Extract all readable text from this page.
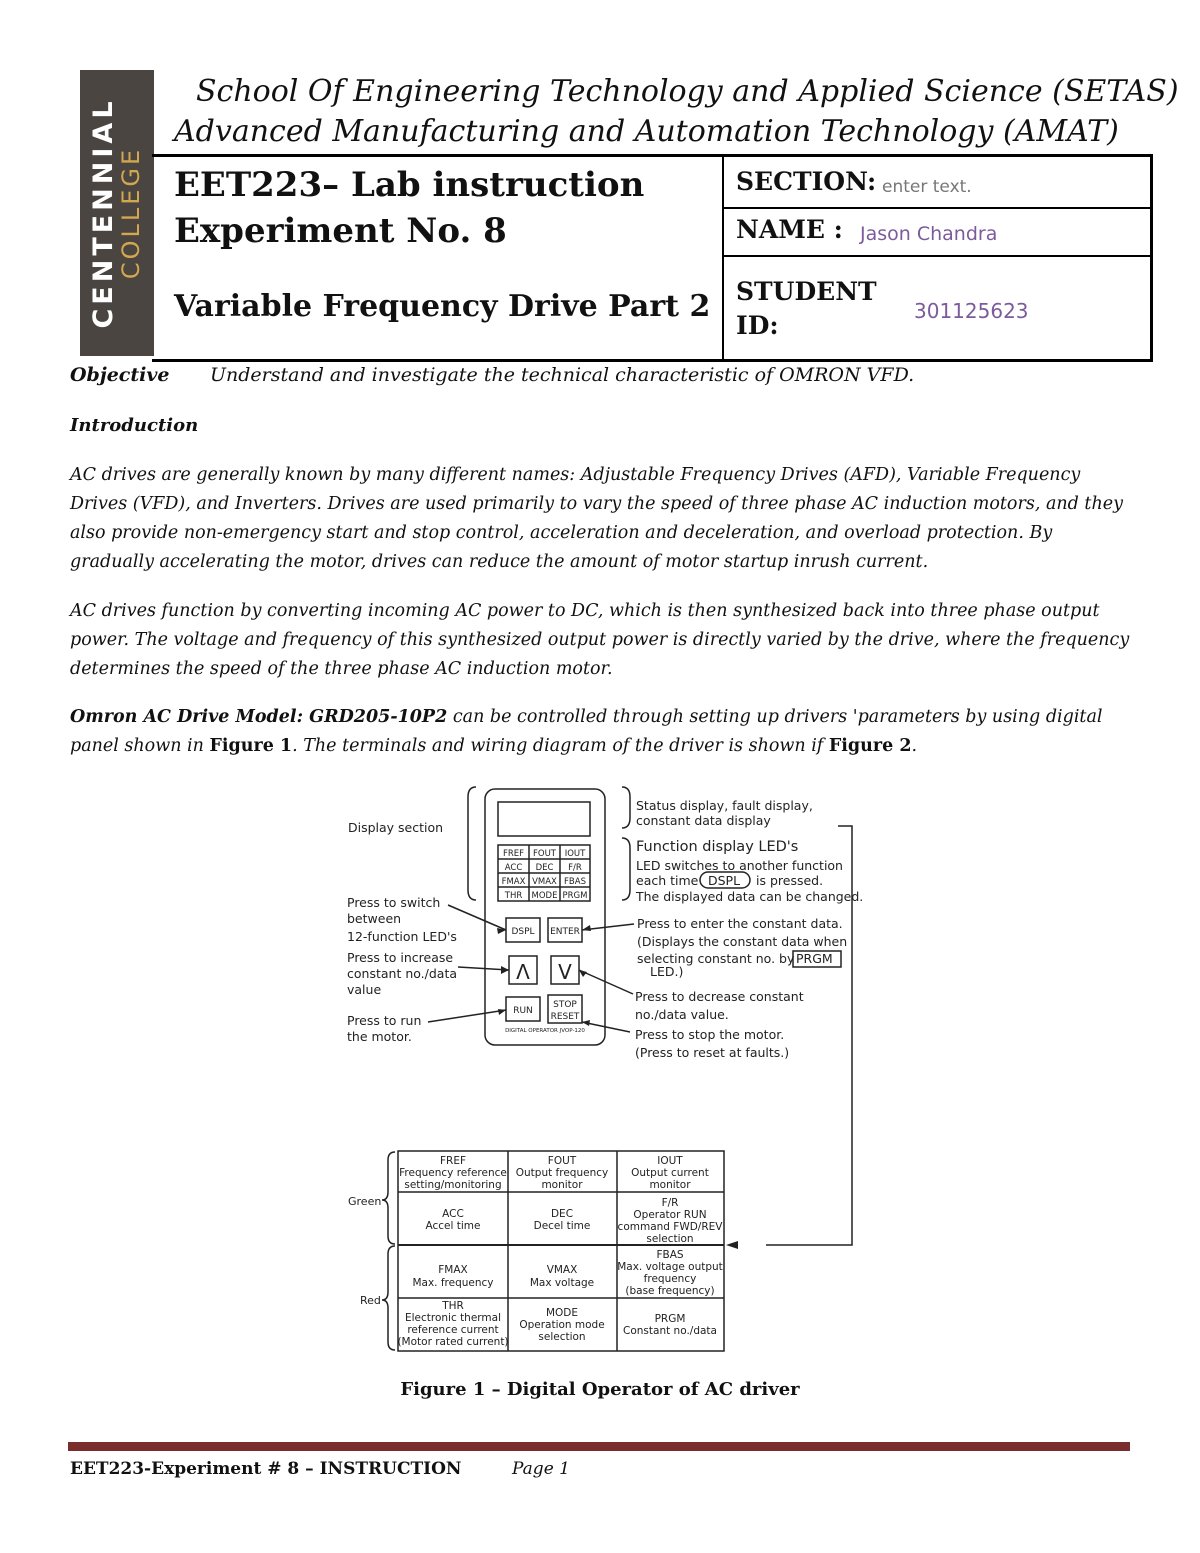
CENTENNIAL
COLLEGE
School Of Engineering Technology and Applied Science (SETAS)
Advanced Manufacturing and Automation Technology (AMAT)
EET223– Lab instruction
Experiment No. 8
Variable Frequency Drive Part 2
SECTION: enter text.
NAME : Jason Chandra
STUDENT
ID:	301125623
Objective Understand and investigate the technical characteristic of OMRON VFD.
Introduction
AC drives are generally known by many different names: Adjustable Frequency Drives (AFD), Variable Frequency Drives (VFD), and Inverters. Drives are used primarily to vary the speed of three phase AC induction motors, and they also provide non-emergency start and stop control, acceleration and deceleration, and overload protection. By gradually accelerating the motor, drives can reduce the amount of motor startup inrush current.
AC drives function by converting incoming AC power to DC, which is then synthesized back into three phase output power. The voltage and frequency of this synthesized output power is directly varied by the drive, where the frequency determines the speed of the three phase AC induction motor.
Omron AC Drive Model: GRD205-10P2 can be controlled through setting up drivers 'parameters by using digital panel shown in Figure 1. The terminals and wiring diagram of the driver is shown if Figure 2.
Display section
Status display, fault display,
constant data display
Function display LED's
LED switches to another function
each time DSPL is pressed.
The displayed data can be changed.
Press to switch
between
12-function LED's
Press to increase
constant no./data
value
Press to run
the motor.
Press to enter the constant data.
(Displays the constant data when
selecting constant no. by PRGM
LED.)
Press to decrease constant
no./data value.
Press to stop the motor.
(Press to reset at faults.)
FREF FOUT IOUT
ACC DEC F/R
FMAX VMAX FBAS
THR MODE PRGM
DSPL ENTER
Λ V
RUN
STOP
RESET
DIGITAL OPERATOR JVOP-120
Green
Red
FREF
Frequency reference
setting/monitoring
FOUT
Output frequency
monitor
IOUT
Output current
monitor
ACC
Accel time
DEC
Decel time
F/R
Operator RUN
command FWD/REV
selection
FMAX
Max. frequency
VMAX
Max voltage
FBAS
Max. voltage output
frequency
(base frequency)
THR
Electronic thermal
reference current
(Motor rated current)
MODE
Operation mode
selection
PRGM
Constant no./data
Figure 1 – Digital Operator of AC driver
EET223-Experiment # 8 – INSTRUCTION	Page 1
